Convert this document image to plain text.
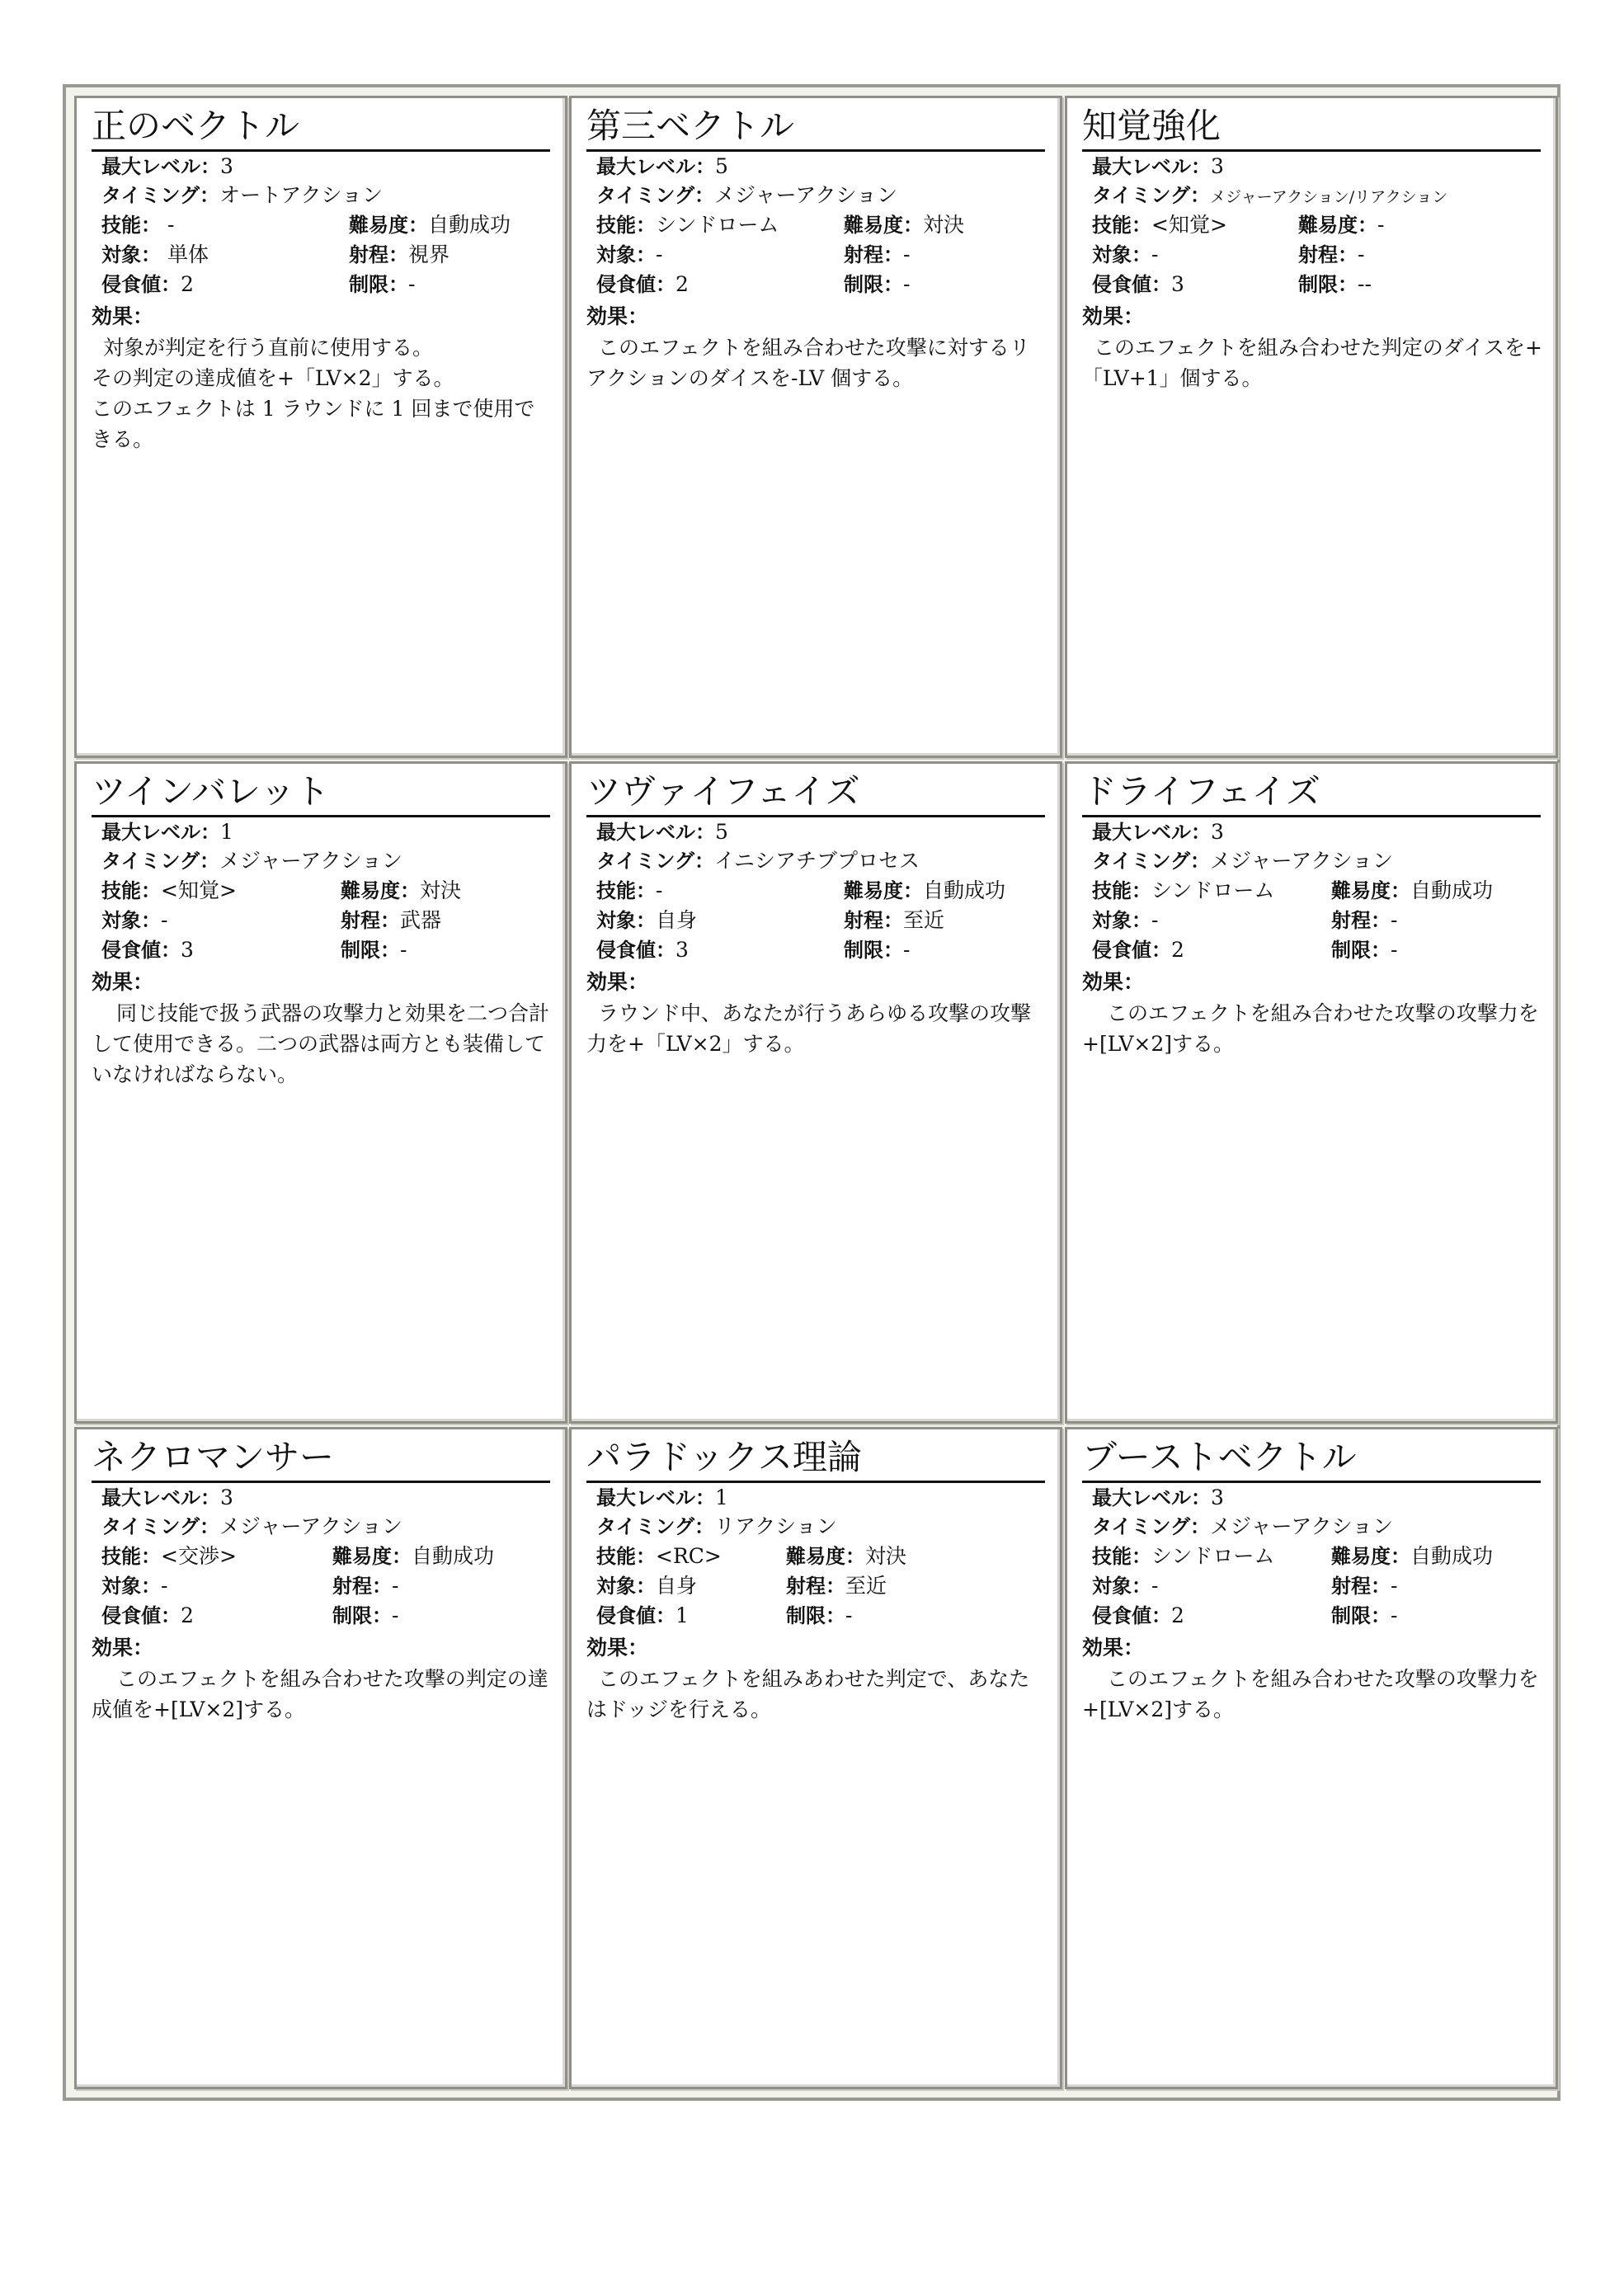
正のベクトル
最大レベル：3
タイミング：オートアクション
技能： -	難易度：自動成功
対象： 単体	射程：視界
侵食値：2	制限：-
効果：
対象が判定を行う直前に使用する。
その判定の達成値を+「LV×2」する。
このエフェクトは 1 ラウンドに 1 回まで使用できる。
第三ベクトル
最大レベル：5
タイミング：メジャーアクション
技能：シンドローム	難易度：対決
対象：-	射程：-
侵食値：2	制限：-
効果：
このエフェクトを組み合わせた攻撃に対するリアクションのダイスを-LV 個する。
知覚強化
最大レベル：3
タイミング：メジャーアクション/リアクション
技能：<知覚>	難易度：-
対象：-	射程：-
侵食値：3	制限：--
効果：
このエフェクトを組み合わせた判定のダイスを+「LV+1」個する。
ツインバレット
最大レベル：1
タイミング：メジャーアクション
技能：<知覚>	難易度：対決
対象：-	射程：武器
侵食値：3	制限：-
効果：
同じ技能で扱う武器の攻撃力と効果を二つ合計して使用できる。二つの武器は両方とも装備していなければならない。
ツヴァイフェイズ
最大レベル：5
タイミング：イニシアチブプロセス
技能：-	難易度：自動成功
対象：自身	射程：至近
侵食値：3	制限：-
効果：
ラウンド中、あなたが行うあらゆる攻撃の攻撃力を+「LV×2」する。
ドライフェイズ
最大レベル：3
タイミング：メジャーアクション
技能：シンドローム	難易度：自動成功
対象：-	射程：-
侵食値：2	制限：-
効果：
このエフェクトを組み合わせた攻撃の攻撃力を+[LV×2]する。
ネクロマンサー
最大レベル：3
タイミング：メジャーアクション
技能：<交渉>	難易度：自動成功
対象：-	射程：-
侵食値：2	制限：-
効果：
このエフェクトを組み合わせた攻撃の判定の達成値を+[LV×2]する。
パラドックス理論
最大レベル：1
タイミング：リアクション
技能：<RC>	難易度：対決
対象：自身	射程：至近
侵食値：1	制限：-
効果：
このエフェクトを組みあわせた判定で、あなたはドッジを行える。
ブーストベクトル
最大レベル：3
タイミング：メジャーアクション
技能：シンドローム	難易度：自動成功
対象：-	射程：-
侵食値：2	制限：-
効果：
このエフェクトを組み合わせた攻撃の攻撃力を+[LV×2]する。
